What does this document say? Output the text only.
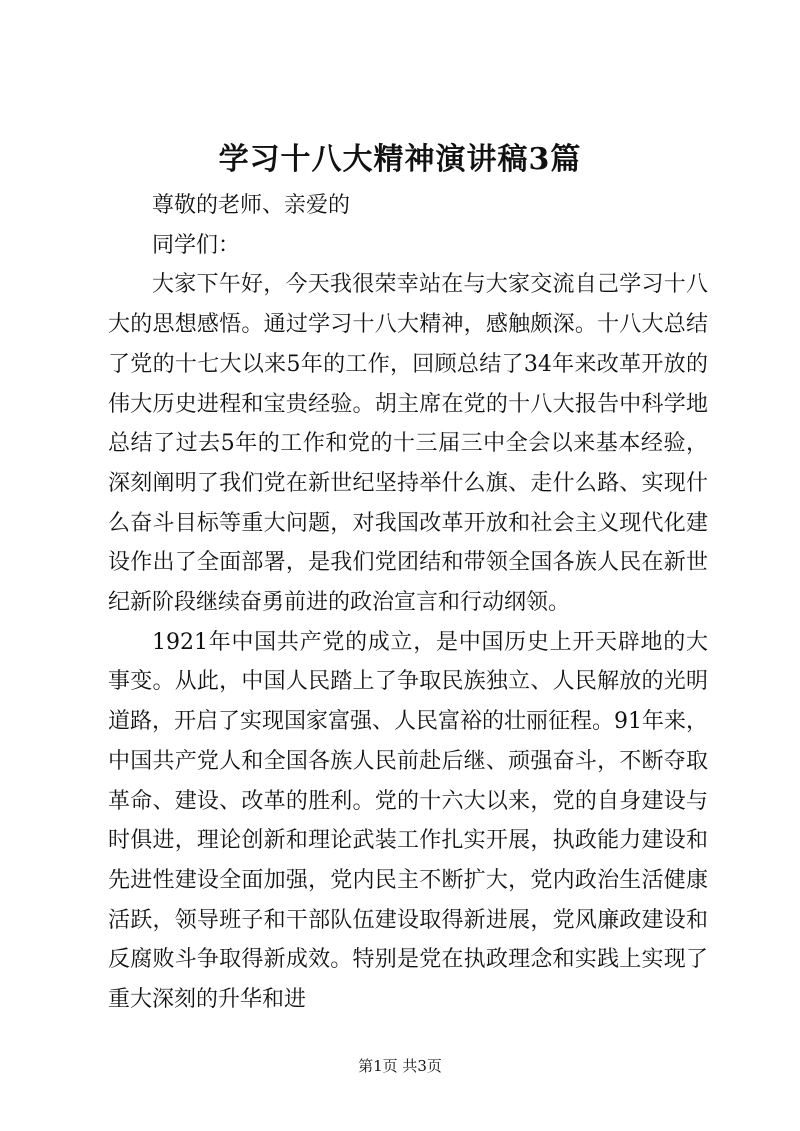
学习十八大精神演讲稿3篇

尊敬的老师、亲爱的

同学们：

大家下午好，今天我很荣幸站在与大家交流自己学习十八大的思想感悟。通过学习十八大精神，感触颇深。十八大总结了党的十七大以来5年的工作，回顾总结了34年来改革开放的伟大历史进程和宝贵经验。胡主席在党的十八大报告中科学地总结了过去5年的工作和党的十三届三中全会以来基本经验，深刻阐明了我们党在新世纪坚持举什么旗、走什么路、实现什么奋斗目标等重大问题，对我国改革开放和社会主义现代化建设作出了全面部署，是我们党团结和带领全国各族人民在新世纪新阶段继续奋勇前进的政治宣言和行动纲领。

1921年中国共产党的成立，是中国历史上开天辟地的大事变。从此，中国人民踏上了争取民族独立、人民解放的光明道路，开启了实现国家富强、人民富裕的壮丽征程。91年来，中国共产党人和全国各族人民前赴后继、顽强奋斗，不断夺取革命、建设、改革的胜利。党的十六大以来，党的自身建设与时俱进，理论创新和理论武装工作扎实开展，执政能力建设和先进性建设全面加强，党内民主不断扩大，党内政治生活健康活跃，领导班子和干部队伍建设取得新进展，党风廉政建设和反腐败斗争取得新成效。特别是党在执政理念和实践上实现了重大深刻的升华和进

第1页 共3页
